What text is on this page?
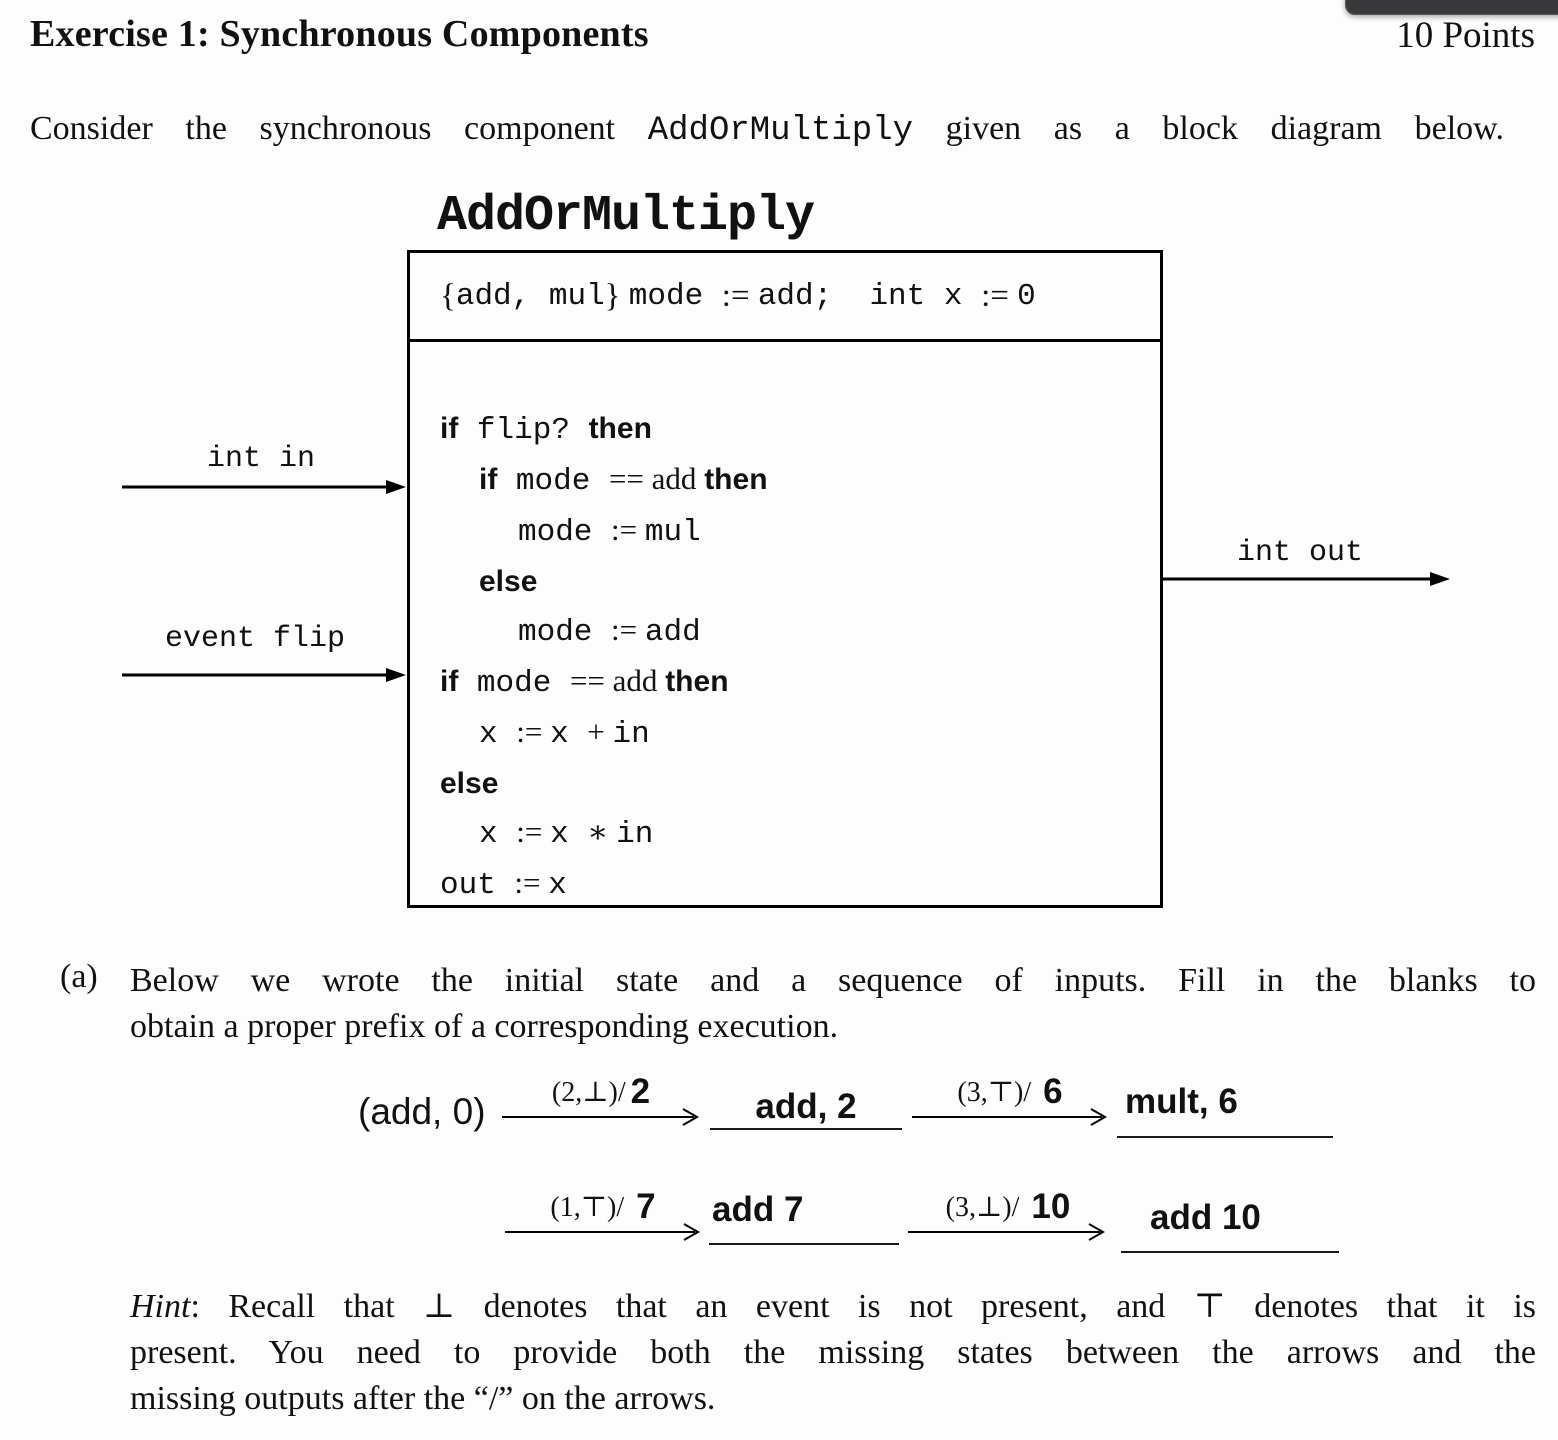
Exercise 1: Synchronous Components	10 Points
Consider the synchronous component AddOrMultiply given as a block diagram below.
AddOrMultiply
{ add, mul } mode := add; int x := 0
if flip? then
if mode == add then
mode := mul
else
mode := add
if mode == add then
x := x + in
else
x := x ∗ in
out := x
int in
event flip
int out
(a) Below we wrote the initial state and a sequence of inputs. Fill in the blanks to
obtain a proper prefix of a corresponding execution.
(add, 0)	(2,⊥)/ 2	add, 2	(3,⊤)/ 6	mult, 6
(1,⊤)/ 7	add 7	(3,⊥)/ 10	add 10
Hint: Recall that ⊥ denotes that an event is not present, and ⊤ denotes that it is
present. You need to provide both the missing states between the arrows and the
missing outputs after the “/” on the arrows.
